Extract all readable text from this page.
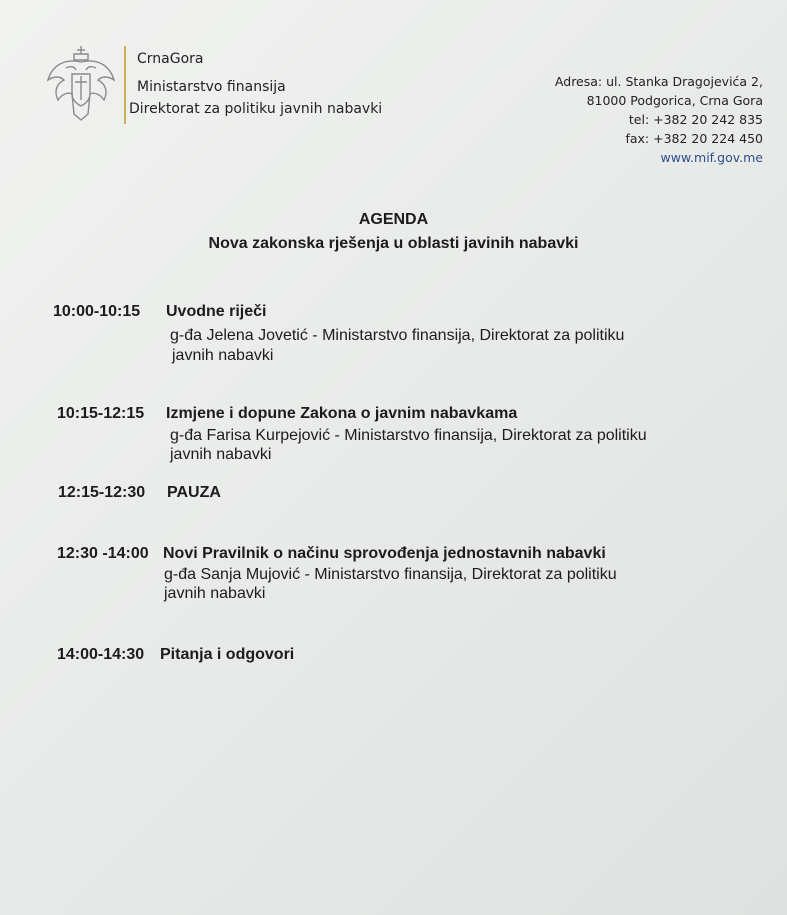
CrnaGora

Ministarstvo finansija

Direktorat za politiku javnih nabavki

Adresa: ul. Stanka Dragojevića 2,

81000 Podgorica, Crna Gora

tel: +382 20 242 835

fax: +382 20 224 450

www.mif.gov.me

AGENDA

Nova zakonska rješenja u oblasti javinih nabavki

10:00-10:15 Uvodne riječi

g-đa Jelena Jovetić - Ministarstvo finansija, Direktorat za politiku

javnih nabavki

10:15-12:15 Izmjene i dopune Zakona o javnim nabavkama

g-đa Farisa Kurpejović - Ministarstvo finansija, Direktorat za politiku

javnih nabavki

12:15-12:30 PAUZA

12:30 -14:00 Novi Pravilnik o načinu sprovođenja jednostavnih nabavki

g-đa Sanja Mujović - Ministarstvo finansija, Direktorat za politiku

javnih nabavki

14:00-14:30 Pitanja i odgovori
